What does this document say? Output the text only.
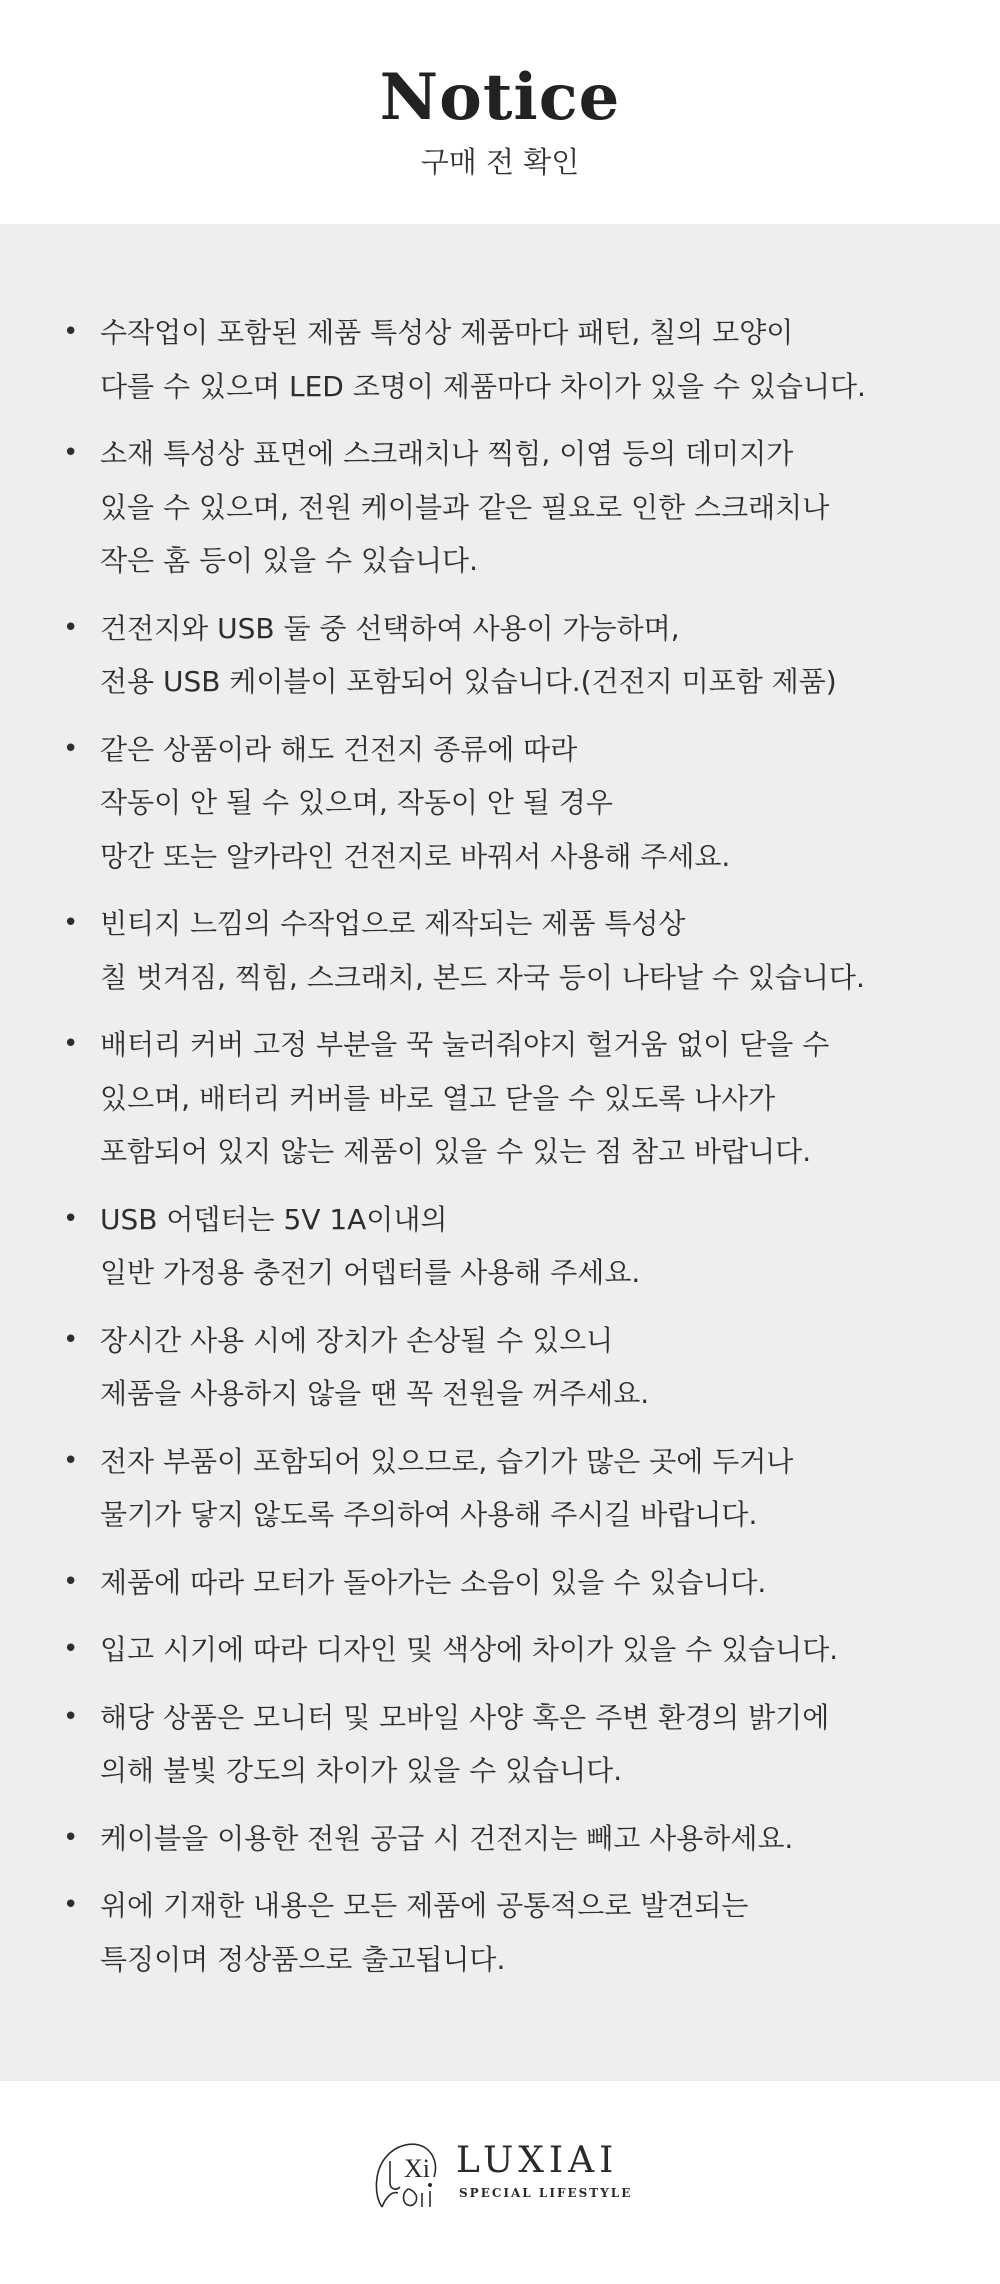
Notice
구매 전 확인
• 수작업이 포함된 제품 특성상 제품마다 패턴, 칠의 모양이
다를 수 있으며 LED 조명이 제품마다 차이가 있을 수 있습니다.
• 소재 특성상 표면에 스크래치나 찍힘, 이염 등의 데미지가
있을 수 있으며, 전원 케이블과 같은 필요로 인한 스크래치나
작은 홈 등이 있을 수 있습니다.
• 건전지와 USB 둘 중 선택하여 사용이 가능하며,
전용 USB 케이블이 포함되어 있습니다.(건전지 미포함 제품)
• 같은 상품이라 해도 건전지 종류에 따라
작동이 안 될 수 있으며, 작동이 안 될 경우
망간 또는 알카라인 건전지로 바꿔서 사용해 주세요.
• 빈티지 느낌의 수작업으로 제작되는 제품 특성상
칠 벗겨짐, 찍힘, 스크래치, 본드 자국 등이 나타날 수 있습니다.
• 배터리 커버 고정 부분을 꾹 눌러줘야지 헐거움 없이 닫을 수
있으며, 배터리 커버를 바로 열고 닫을 수 있도록 나사가
포함되어 있지 않는 제품이 있을 수 있는 점 참고 바랍니다.
• USB 어뎁터는 5V 1A이내의
일반 가정용 충전기 어뎁터를 사용해 주세요.
• 장시간 사용 시에 장치가 손상될 수 있으니
제품을 사용하지 않을 땐 꼭 전원을 꺼주세요.
• 전자 부품이 포함되어 있으므로, 습기가 많은 곳에 두거나
물기가 닿지 않도록 주의하여 사용해 주시길 바랍니다.
• 제품에 따라 모터가 돌아가는 소음이 있을 수 있습니다.
• 입고 시기에 따라 디자인 및 색상에 차이가 있을 수 있습니다.
• 해당 상품은 모니터 및 모바일 사양 혹은 주변 환경의 밝기에
의해 불빛 강도의 차이가 있을 수 있습니다.
• 케이블을 이용한 전원 공급 시 건전지는 빼고 사용하세요.
• 위에 기재한 내용은 모든 제품에 공통적으로 발견되는
특징이며 정상품으로 출고됩니다.
Xi LUXIAI
SPECIAL LIFESTYLE
